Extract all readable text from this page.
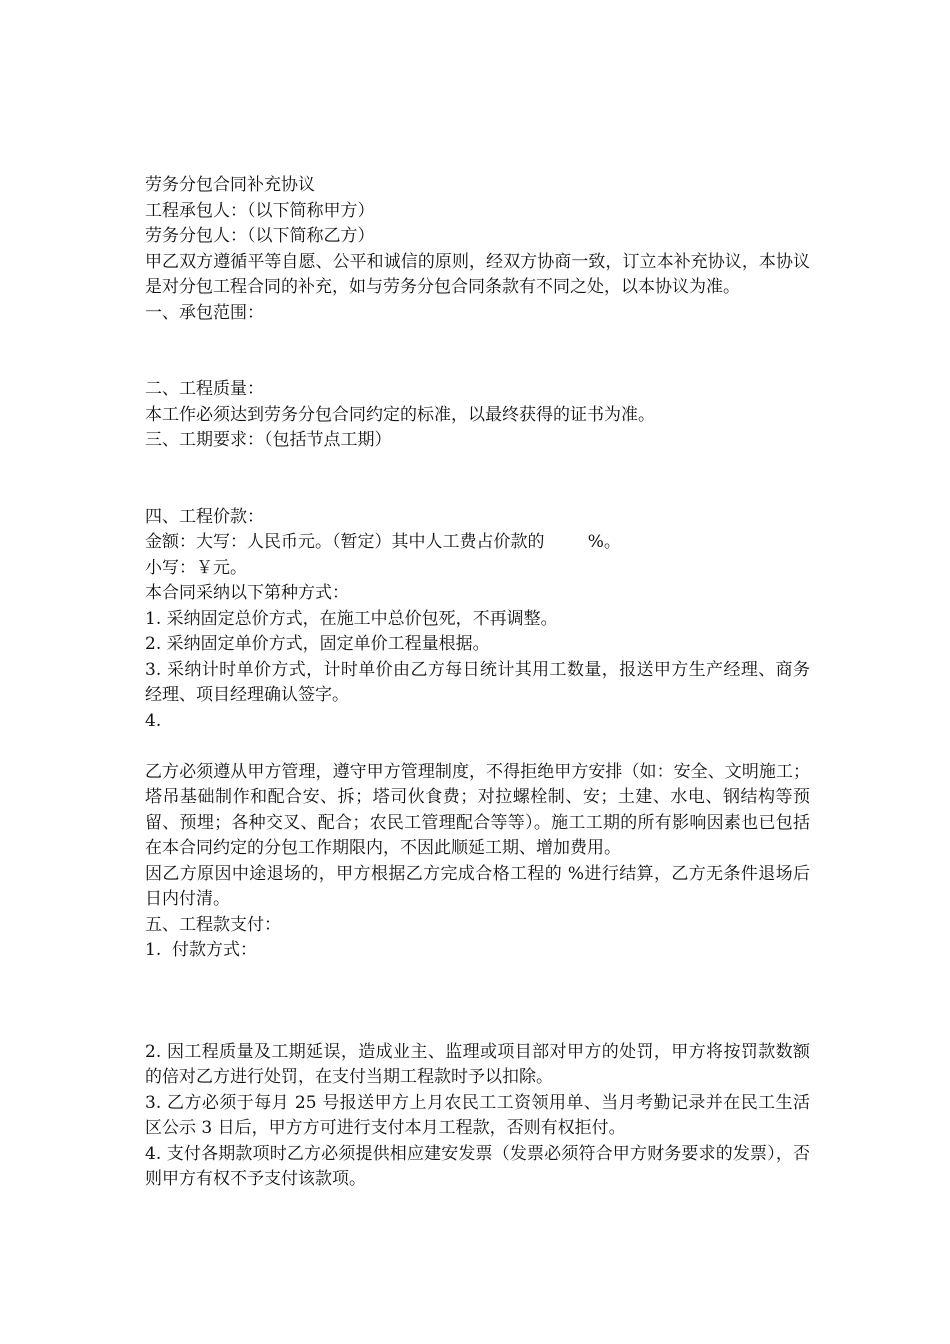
劳务分包合同补充协议
工程承包人：（以下简称甲方）
劳务分包人：（以下简称乙方）
甲乙双方遵循平等自愿、公平和诚信的原则，经双方协商一致，订立本补充协议，本协议是对分包工程合同的补充，如与劳务分包合同条款有不同之处，以本协议为准。
一、承包范围：
二、工程质量：
本工作必须达到劳务分包合同约定的标准，以最终获得的证书为准。
三、工期要求：（包括节点工期）
四、工程价款：
金额：大写：人民币元。（暂定）其中人工费占价款的        %。
小写：￥元。
本合同采纳以下第种方式：
1. 采纳固定总价方式，在施工中总价包死，不再调整。
2. 采纳固定单价方式，固定单价工程量根据。
3. 采纳计时单价方式，计时单价由乙方每日统计其用工数量，报送甲方生产经理、商务经理、项目经理确认签字。
4.
乙方必须遵从甲方管理，遵守甲方管理制度，不得拒绝甲方安排（如：安全、文明施工；塔吊基础制作和配合安、拆；塔司伙食费；对拉螺栓制、安；土建、水电、钢结构等预留、预埋；各种交叉、配合；农民工管理配合等等）。施工工期的所有影响因素也已包括在本合同约定的分包工作期限内，不因此顺延工期、增加费用。
因乙方原因中途退场的，甲方根据乙方完成合格工程的 %进行结算，乙方无条件退场后日内付清。
五、工程款支付：
1.  付款方式：
2. 因工程质量及工期延误，造成业主、监理或项目部对甲方的处罚，甲方将按罚款数额的倍对乙方进行处罚，在支付当期工程款时予以扣除。
3. 乙方必须于每月 25 号报送甲方上月农民工工资领用单、当月考勤记录并在民工生活区公示 3 日后，甲方方可进行支付本月工程款，否则有权拒付。
4. 支付各期款项时乙方必须提供相应建安发票（发票必须符合甲方财务要求的发票），否则甲方有权不予支付该款项。
